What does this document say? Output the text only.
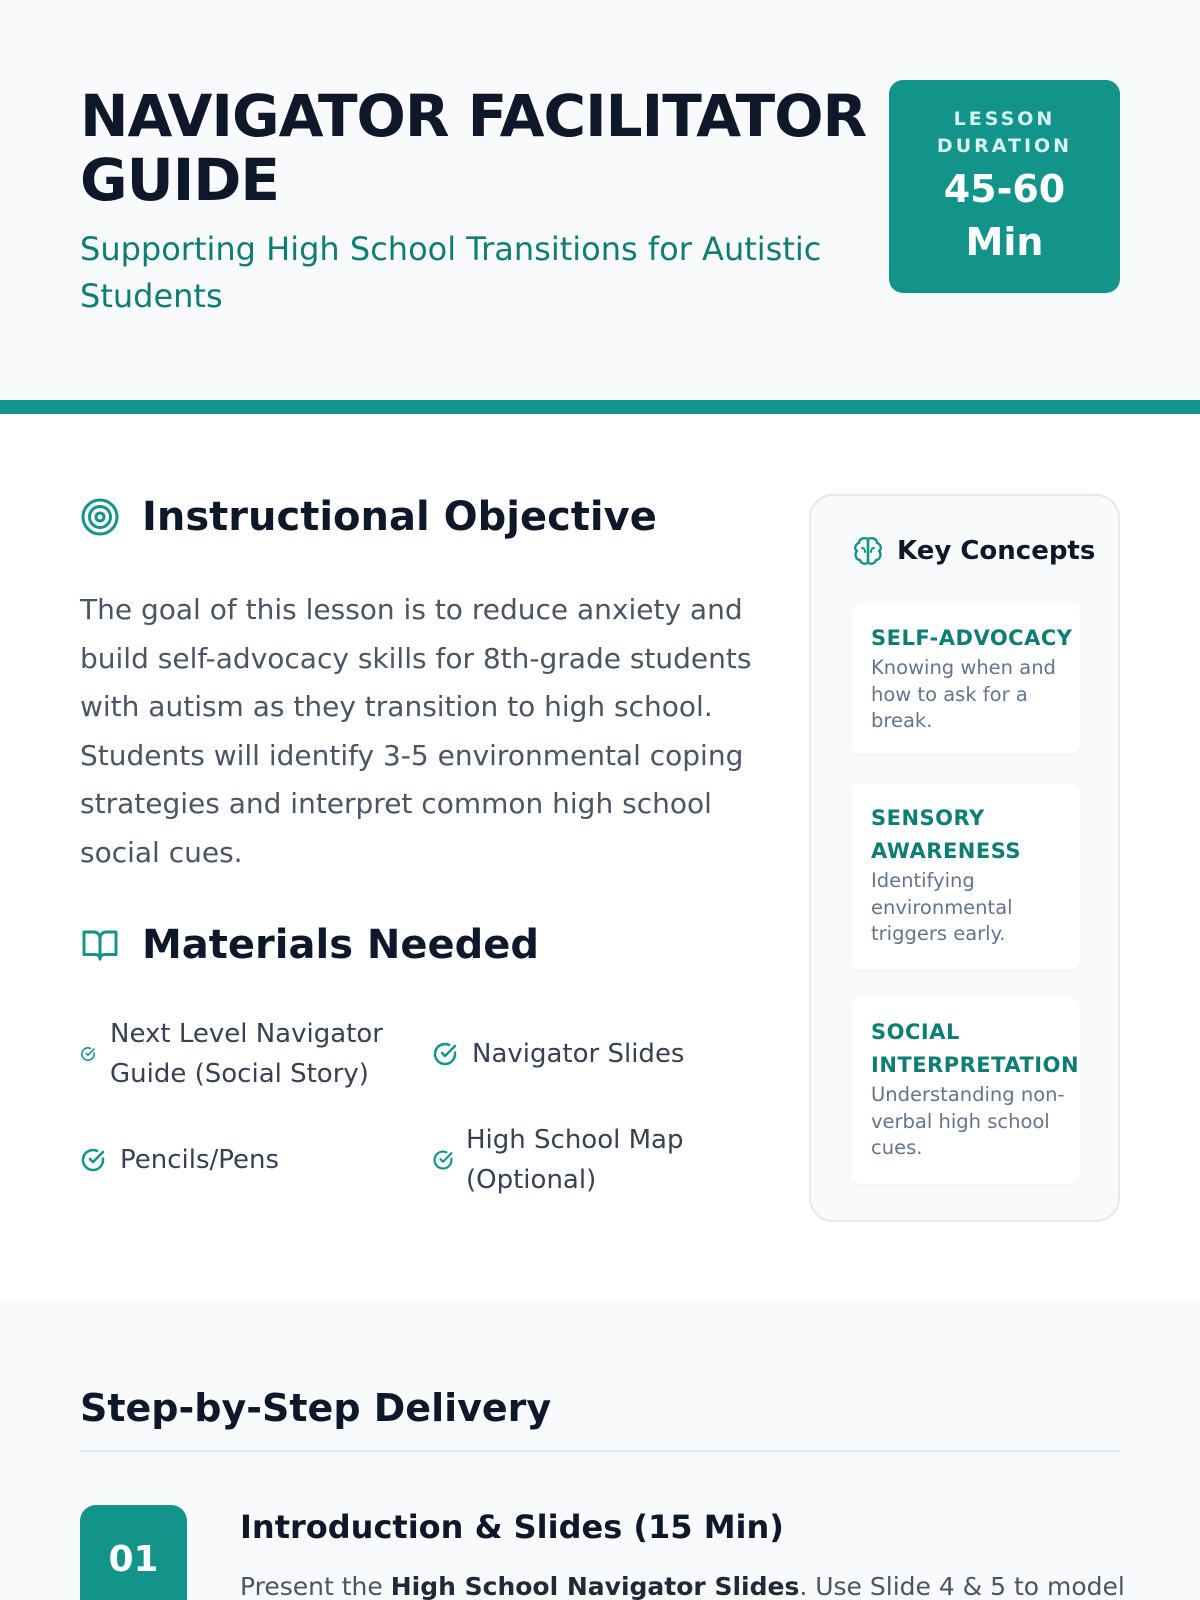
NAVIGATOR FACILITATOR GUIDE
Supporting High School Transitions for Autistic Students
LESSON DURATION
45-60
Min
Instructional Objective

The goal of this lesson is to reduce anxiety and build self-advocacy skills for 8th-grade students with autism as they transition to high school. Students will identify 3-5 environmental coping strategies and interpret common high school social cues.

Materials Needed
Next Level Navigator Guide (Social Story)
Navigator Slides
Pencils/Pens
High School Map (Optional)
Key Concepts
SELF-ADVOCACY
Knowing when and how to ask for a break.
SENSORY AWARENESS
Identifying environmental triggers early.
SOCIAL INTERPRETATION
Understanding non-verbal high school cues.
Step-by-Step Delivery
01
Introduction & Slides (15 Min)

Present the High School Navigator Slides. Use Slide 4 & 5 to model
